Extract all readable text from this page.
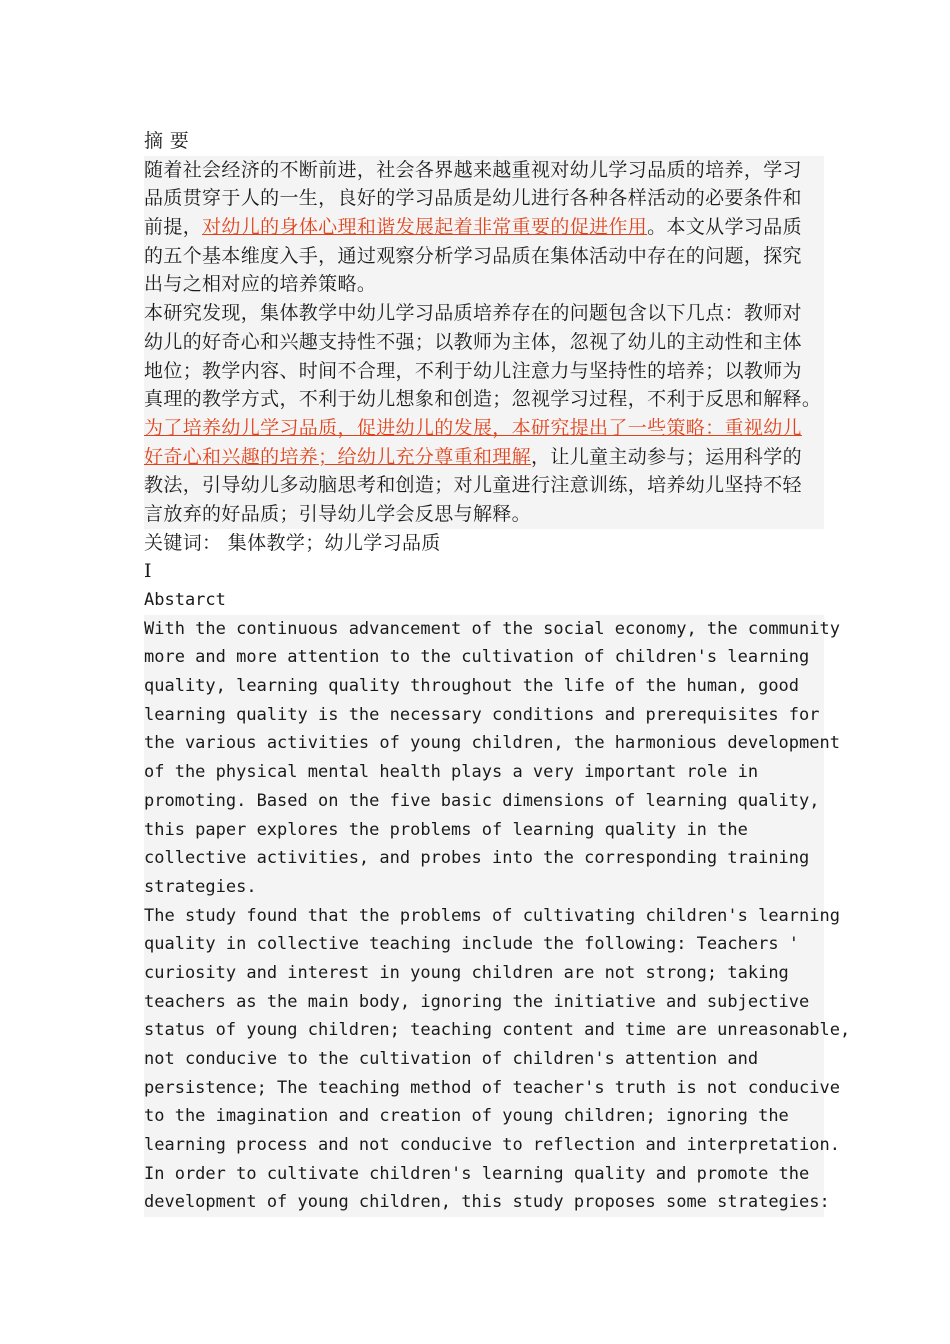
摘 要
随着社会经济的不断前进，社会各界越来越重视对幼儿学习品质的培养，学习
品质贯穿于人的一生，良好的学习品质是幼儿进行各种各样活动的必要条件和
前提，对幼儿的身体心理和谐发展起着非常重要的促进作用。本文从学习品质
的五个基本维度入手，通过观察分析学习品质在集体活动中存在的问题，探究
出与之相对应的培养策略。
本研究发现，集体教学中幼儿学习品质培养存在的问题包含以下几点：教师对
幼儿的好奇心和兴趣支持性不强；以教师为主体，忽视了幼儿的主动性和主体
地位；教学内容、时间不合理，不利于幼儿注意力与坚持性的培养；以教师为
真理的教学方式，不利于幼儿想象和创造；忽视学习过程，不利于反思和解释。
为了培养幼儿学习品质，促进幼儿的发展，本研究提出了一些策略：重视幼儿
好奇心和兴趣的培养；给幼儿充分尊重和理解，让儿童主动参与；运用科学的
教法，引导幼儿多动脑思考和创造；对儿童进行注意训练，培养幼儿坚持不轻
言放弃的好品质；引导幼儿学会反思与解释。
关键词： 集体教学；幼儿学习品质
I
Abstarct
With the continuous advancement of the social economy, the community
more and more attention to the cultivation of children's learning
quality, learning quality throughout the life of the human, good
learning quality is the necessary conditions and prerequisites for
the various activities of young children, the harmonious development
of the physical mental health plays a very important role in
promoting. Based on the five basic dimensions of learning quality,
this paper explores the problems of learning quality in the
collective activities, and probes into the corresponding training
strategies.
The study found that the problems of cultivating children's learning
quality in collective teaching include the following: Teachers '
curiosity and interest in young children are not strong; taking
teachers as the main body, ignoring the initiative and subjective
status of young children; teaching content and time are unreasonable,
not conducive to the cultivation of children's attention and
persistence; The teaching method of teacher's truth is not conducive
to the imagination and creation of young children; ignoring the
learning process and not conducive to reflection and interpretation.
In order to cultivate children's learning quality and promote the
development of young children, this study proposes some strategies:
